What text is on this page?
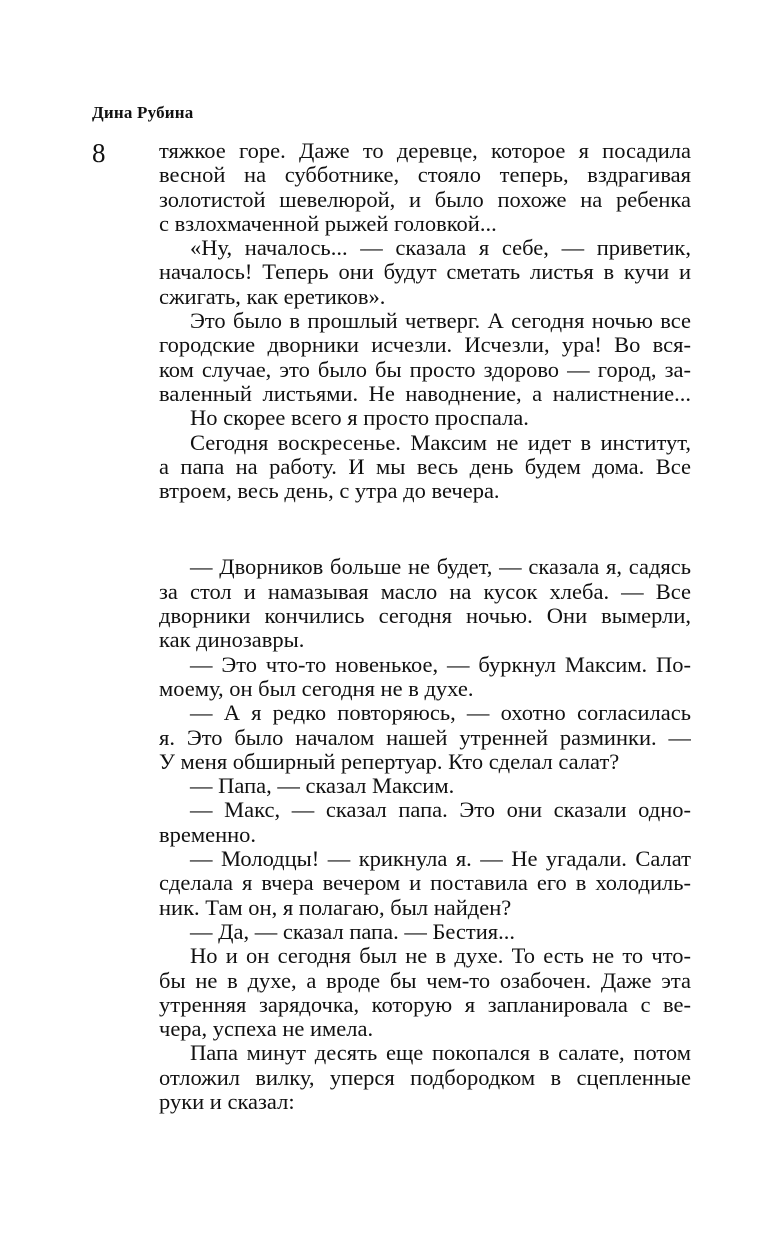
Дина Рубина
8 тяжкое горе. Даже то деревце, которое я посадила
весной на субботнике, стояло теперь, вздрагивая
золотистой шевелюрой, и было похоже на ребенка
с взлохмаченной рыжей головкой...
«Ну, началось... — сказала я себе, — приветик,
началось! Теперь они будут сметать листья в кучи и
сжигать, как еретиков».
Это было в прошлый четверг. А сегодня ночью все
городские дворники исчезли. Исчезли, ура! Во вся-
ком случае, это было бы просто здорово — город, за-
валенный листьями. Не наводнение, а налистнение...
Но скорее всего я просто проспала.
Сегодня воскресенье. Максим не идет в институт,
а папа на работу. И мы весь день будем дома. Все
втроем, весь день, с утра до вечера.
— Дворников больше не будет, — сказала я, садясь
за стол и намазывая масло на кусок хлеба. — Все
дворники кончились сегодня ночью. Они вымерли,
как динозавры.
— Это что-то новенькое, — буркнул Максим. По-
моему, он был сегодня не в духе.
— А я редко повторяюсь, — охотно согласилась
я. Это было началом нашей утренней разминки. —
У меня обширный репертуар. Кто сделал салат?
— Папа, — сказал Максим.
— Макс, — сказал папа. Это они сказали одно-
временно.
— Молодцы! — крикнула я. — Не угадали. Салат
сделала я вчера вечером и поставила его в холодиль-
ник. Там он, я полагаю, был найден?
— Да, — сказал папа. — Бестия...
Но и он сегодня был не в духе. То есть не то что-
бы не в духе, а вроде бы чем-то озабочен. Даже эта
утренняя зарядочка, которую я запланировала с ве-
чера, успеха не имела.
Папа минут десять еще покопался в салате, потом
отложил вилку, уперся подбородком в сцепленные
руки и сказал:
